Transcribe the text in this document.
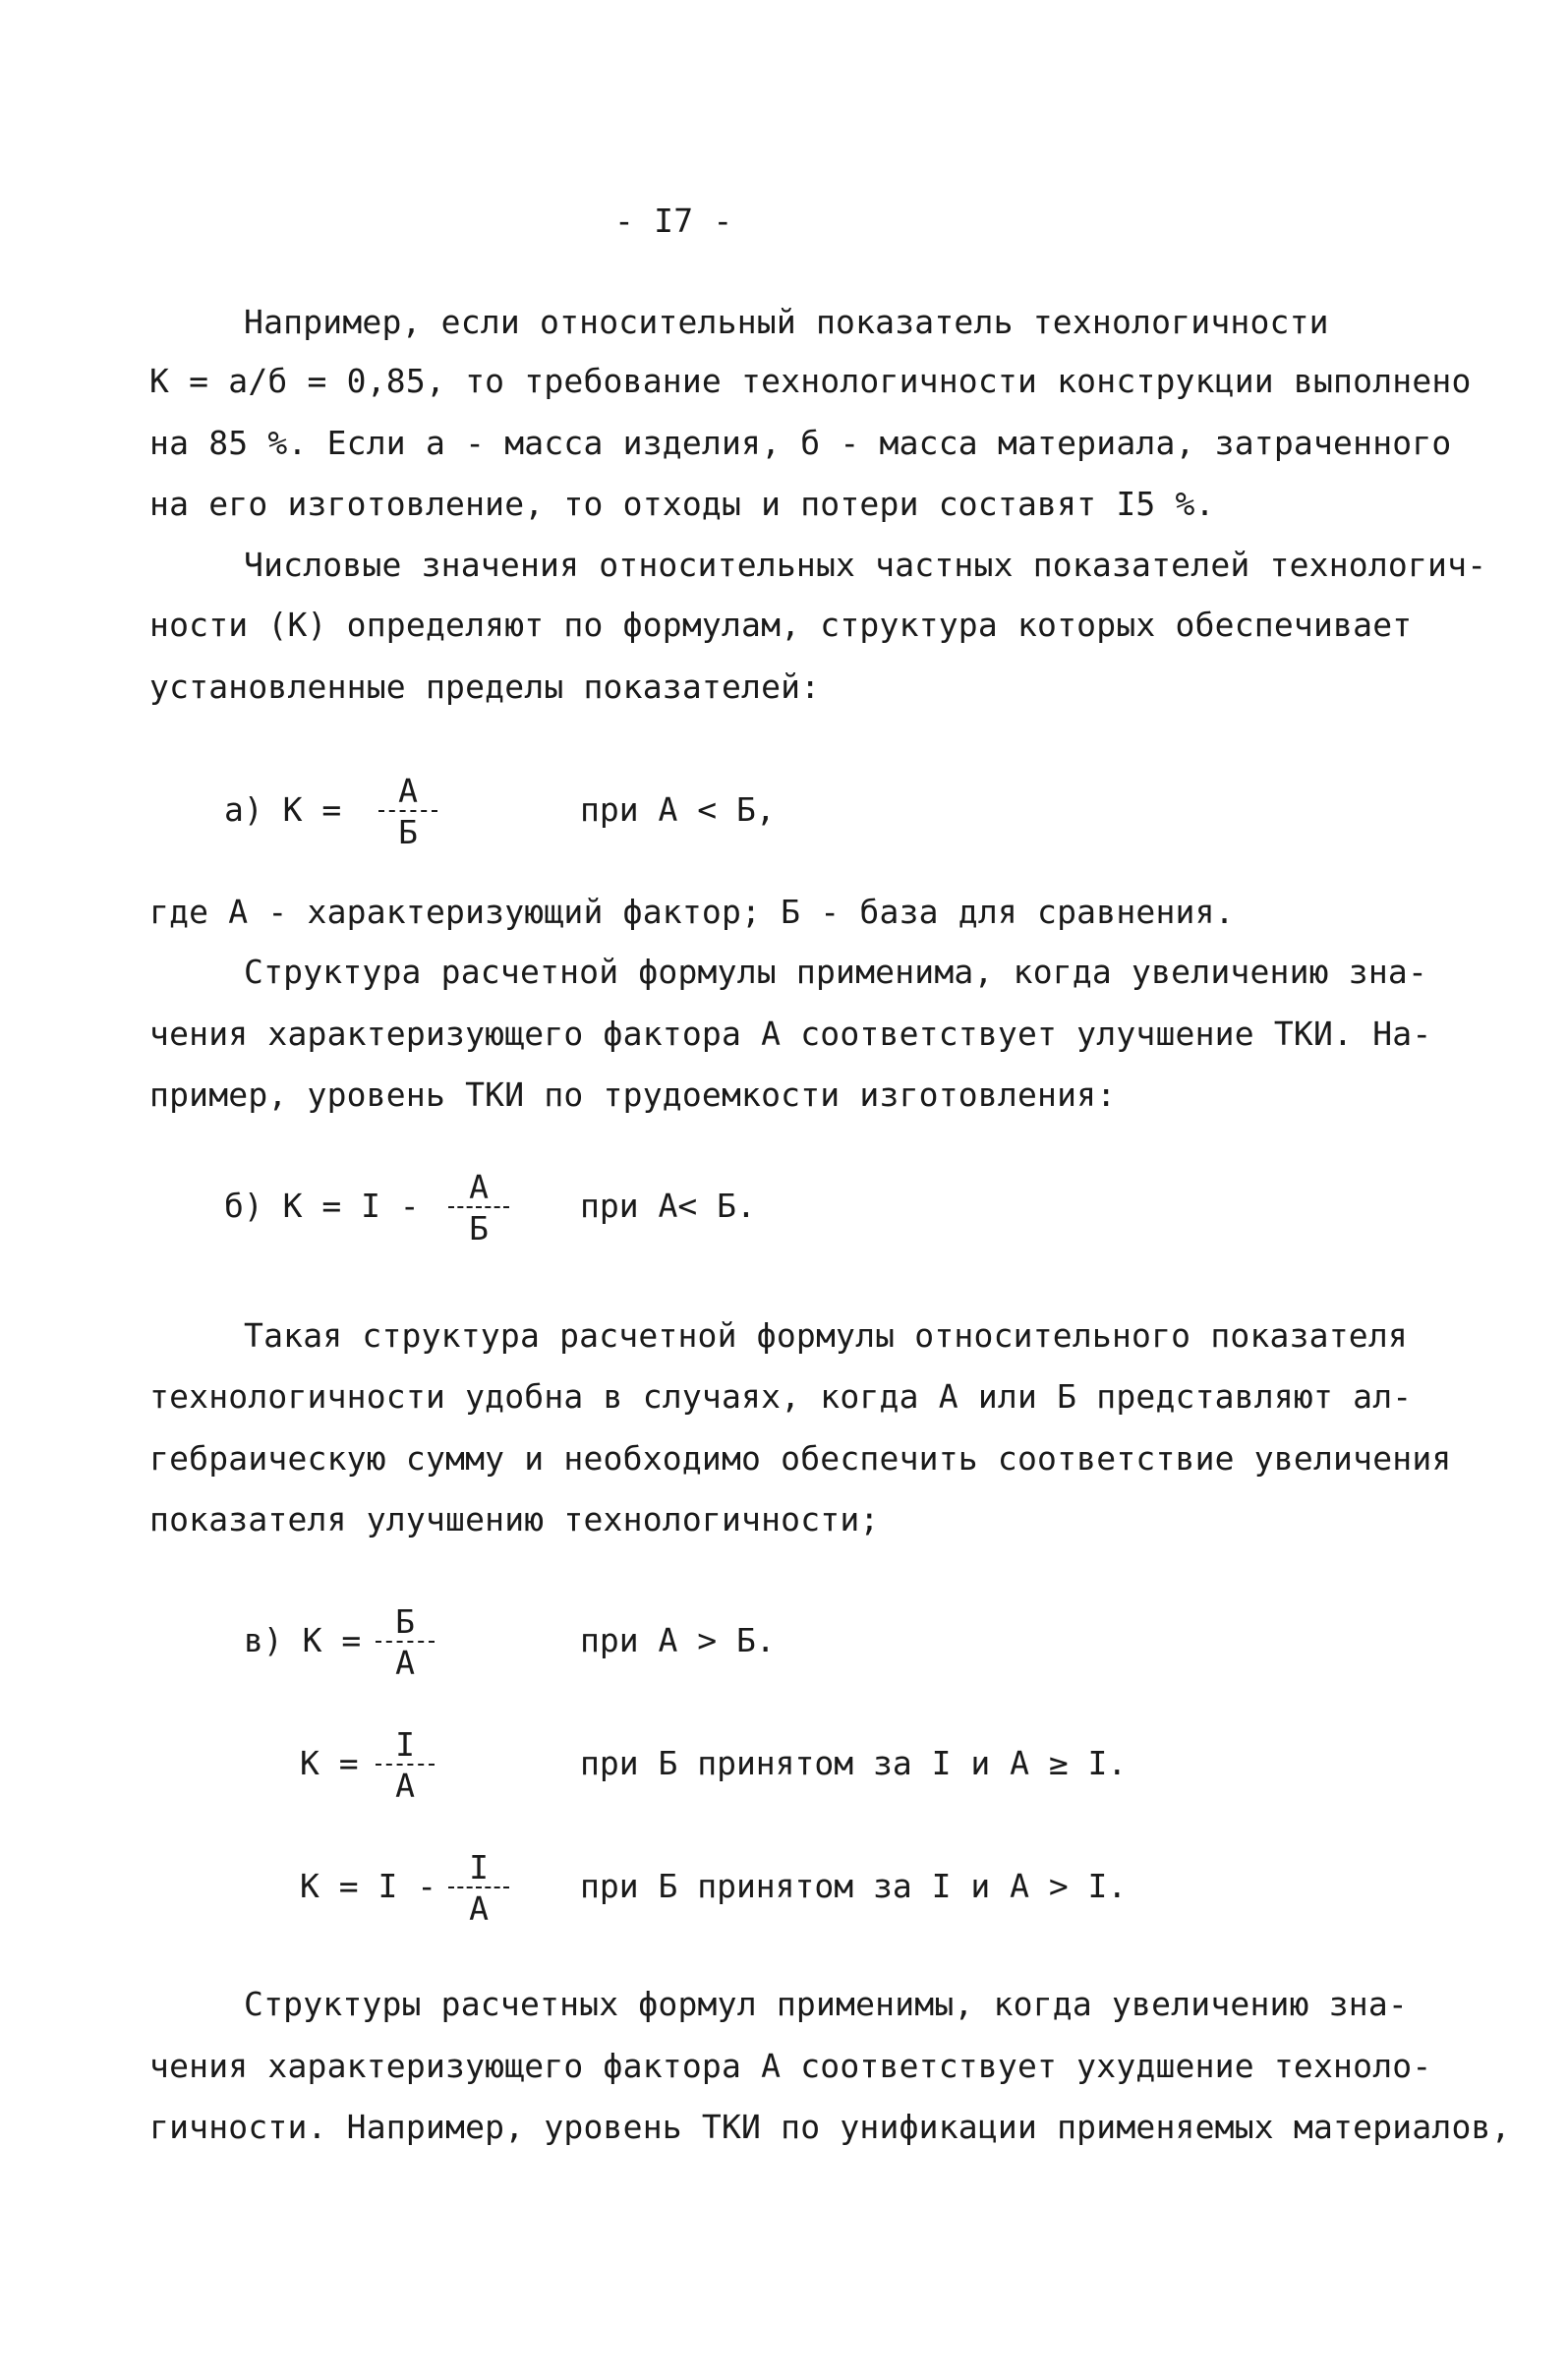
- I7 -
Например, если относительный показатель технологичности
К = а/б = 0,85, то требование технологичности конструкции выполнено
на 85 %. Если а - масса изделия, б - масса материала, затраченного
на его изготовление, то отходы и потери составят I5 %.
Числовые значения относительных частных показателей технологич-
ности (К) определяют по формулам, структура которых обеспечивает
установленные пределы показателей:
а) К =	А
Б
при А < Б,
где А - характеризующий фактор; Б - база для сравнения.
Структура расчетной формулы применима, когда увеличению зна-
чения характеризующего фактора А соответствует улучшение ТКИ. На-
пример, уровень ТКИ по трудоемкости изготовления:
б) К = I -	А
Б
при А< Б.
Такая структура расчетной формулы относительного показателя
технологичности удобна в случаях, когда А или Б представляют ал-
гебраическую сумму и необходимо обеспечить соответствие увеличения
показателя улучшению технологичности;
в) К =	Б
А
при А > Б.
К =	I
А
при Б принятом за I и А ≥ I.
К = I - I
А
при Б принятом за I и А > I.
Структуры расчетных формул применимы, когда увеличению зна-
чения характеризующего фактора А соответствует ухудшение техноло-
гичности. Например, уровень ТКИ по унификации применяемых материалов,
